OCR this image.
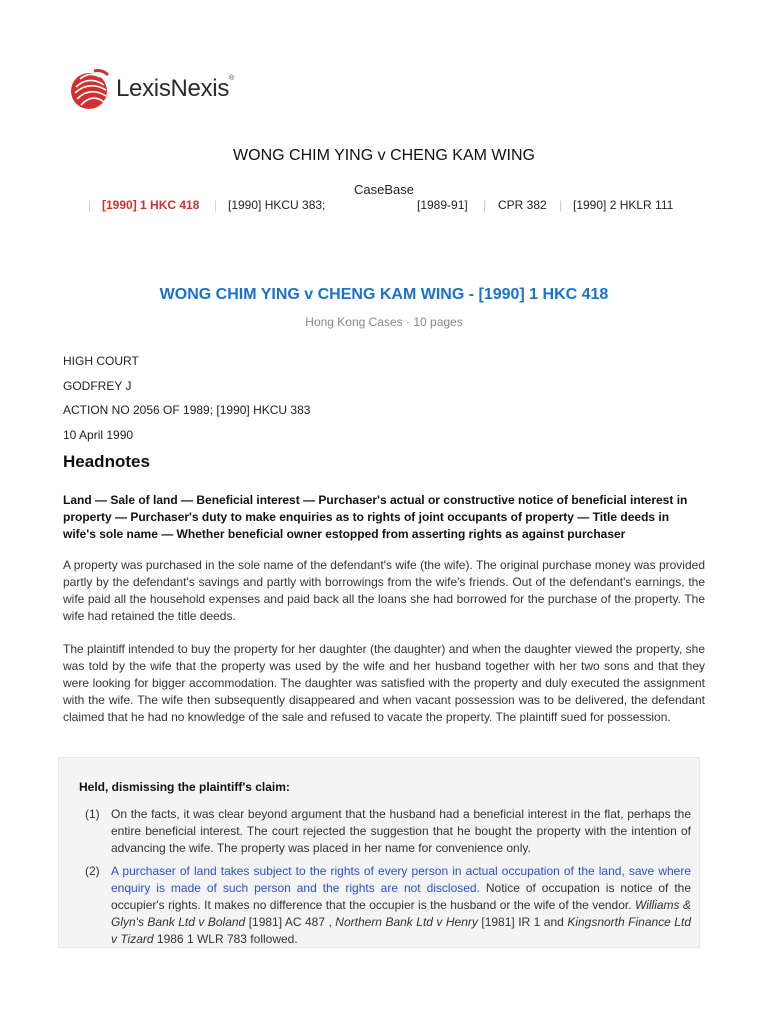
LexisNexis®
WONG CHIM YING v CHENG KAM WING
CaseBase
| [1990] 1 HKC 418 | [1990] HKCU 383;	[1989-91] | CPR 382 | [1990] 2 HKLR 111
WONG CHIM YING v CHENG KAM WING - [1990] 1 HKC 418
Hong Kong Cases · 10 pages
HIGH COURT
GODFREY J
ACTION NO 2056 OF 1989; [1990] HKCU 383
10 April 1990
Headnotes
Land — Sale of land — Beneficial interest — Purchaser's actual or constructive notice of beneficial interest in property — Purchaser's duty to make enquiries as to rights of joint occupants of property — Title deeds in wife's sole name — Whether beneficial owner estopped from asserting rights as against purchaser
A property was purchased in the sole name of the defendant's wife (the wife). The original purchase money was provided partly by the defendant's savings and partly with borrowings from the wife's friends. Out of the defendant's earnings, the wife paid all the household expenses and paid back all the loans she had borrowed for the purchase of the property. The wife had retained the title deeds.
The plaintiff intended to buy the property for her daughter (the daughter) and when the daughter viewed the property, she was told by the wife that the property was used by the wife and her husband together with her two sons and that they were looking for bigger accommodation. The daughter was satisfied with the property and duly executed the assignment with the wife. The wife then subsequently disappeared and when vacant possession was to be delivered, the defendant claimed that he had no knowledge of the sale and refused to vacate the property. The plaintiff sued for possession.
Held, dismissing the plaintiff's claim:
(1) On the facts, it was clear beyond argument that the husband had a beneficial interest in the flat, perhaps the entire beneficial interest. The court rejected the suggestion that he bought the property with the intention of advancing the wife. The property was placed in her name for convenience only.
(2) A purchaser of land takes subject to the rights of every person in actual occupation of the land, save where enquiry is made of such person and the rights are not disclosed. Notice of occupation is notice of the occupier's rights. It makes no difference that the occupier is the husband or the wife of the vendor. Williams & Glyn's Bank Ltd v Boland [1981] AC 487 , Northern Bank Ltd v Henry [1981] IR 1 and Kingsnorth Finance Ltd v Tizard 1986 1 WLR 783 followed.
